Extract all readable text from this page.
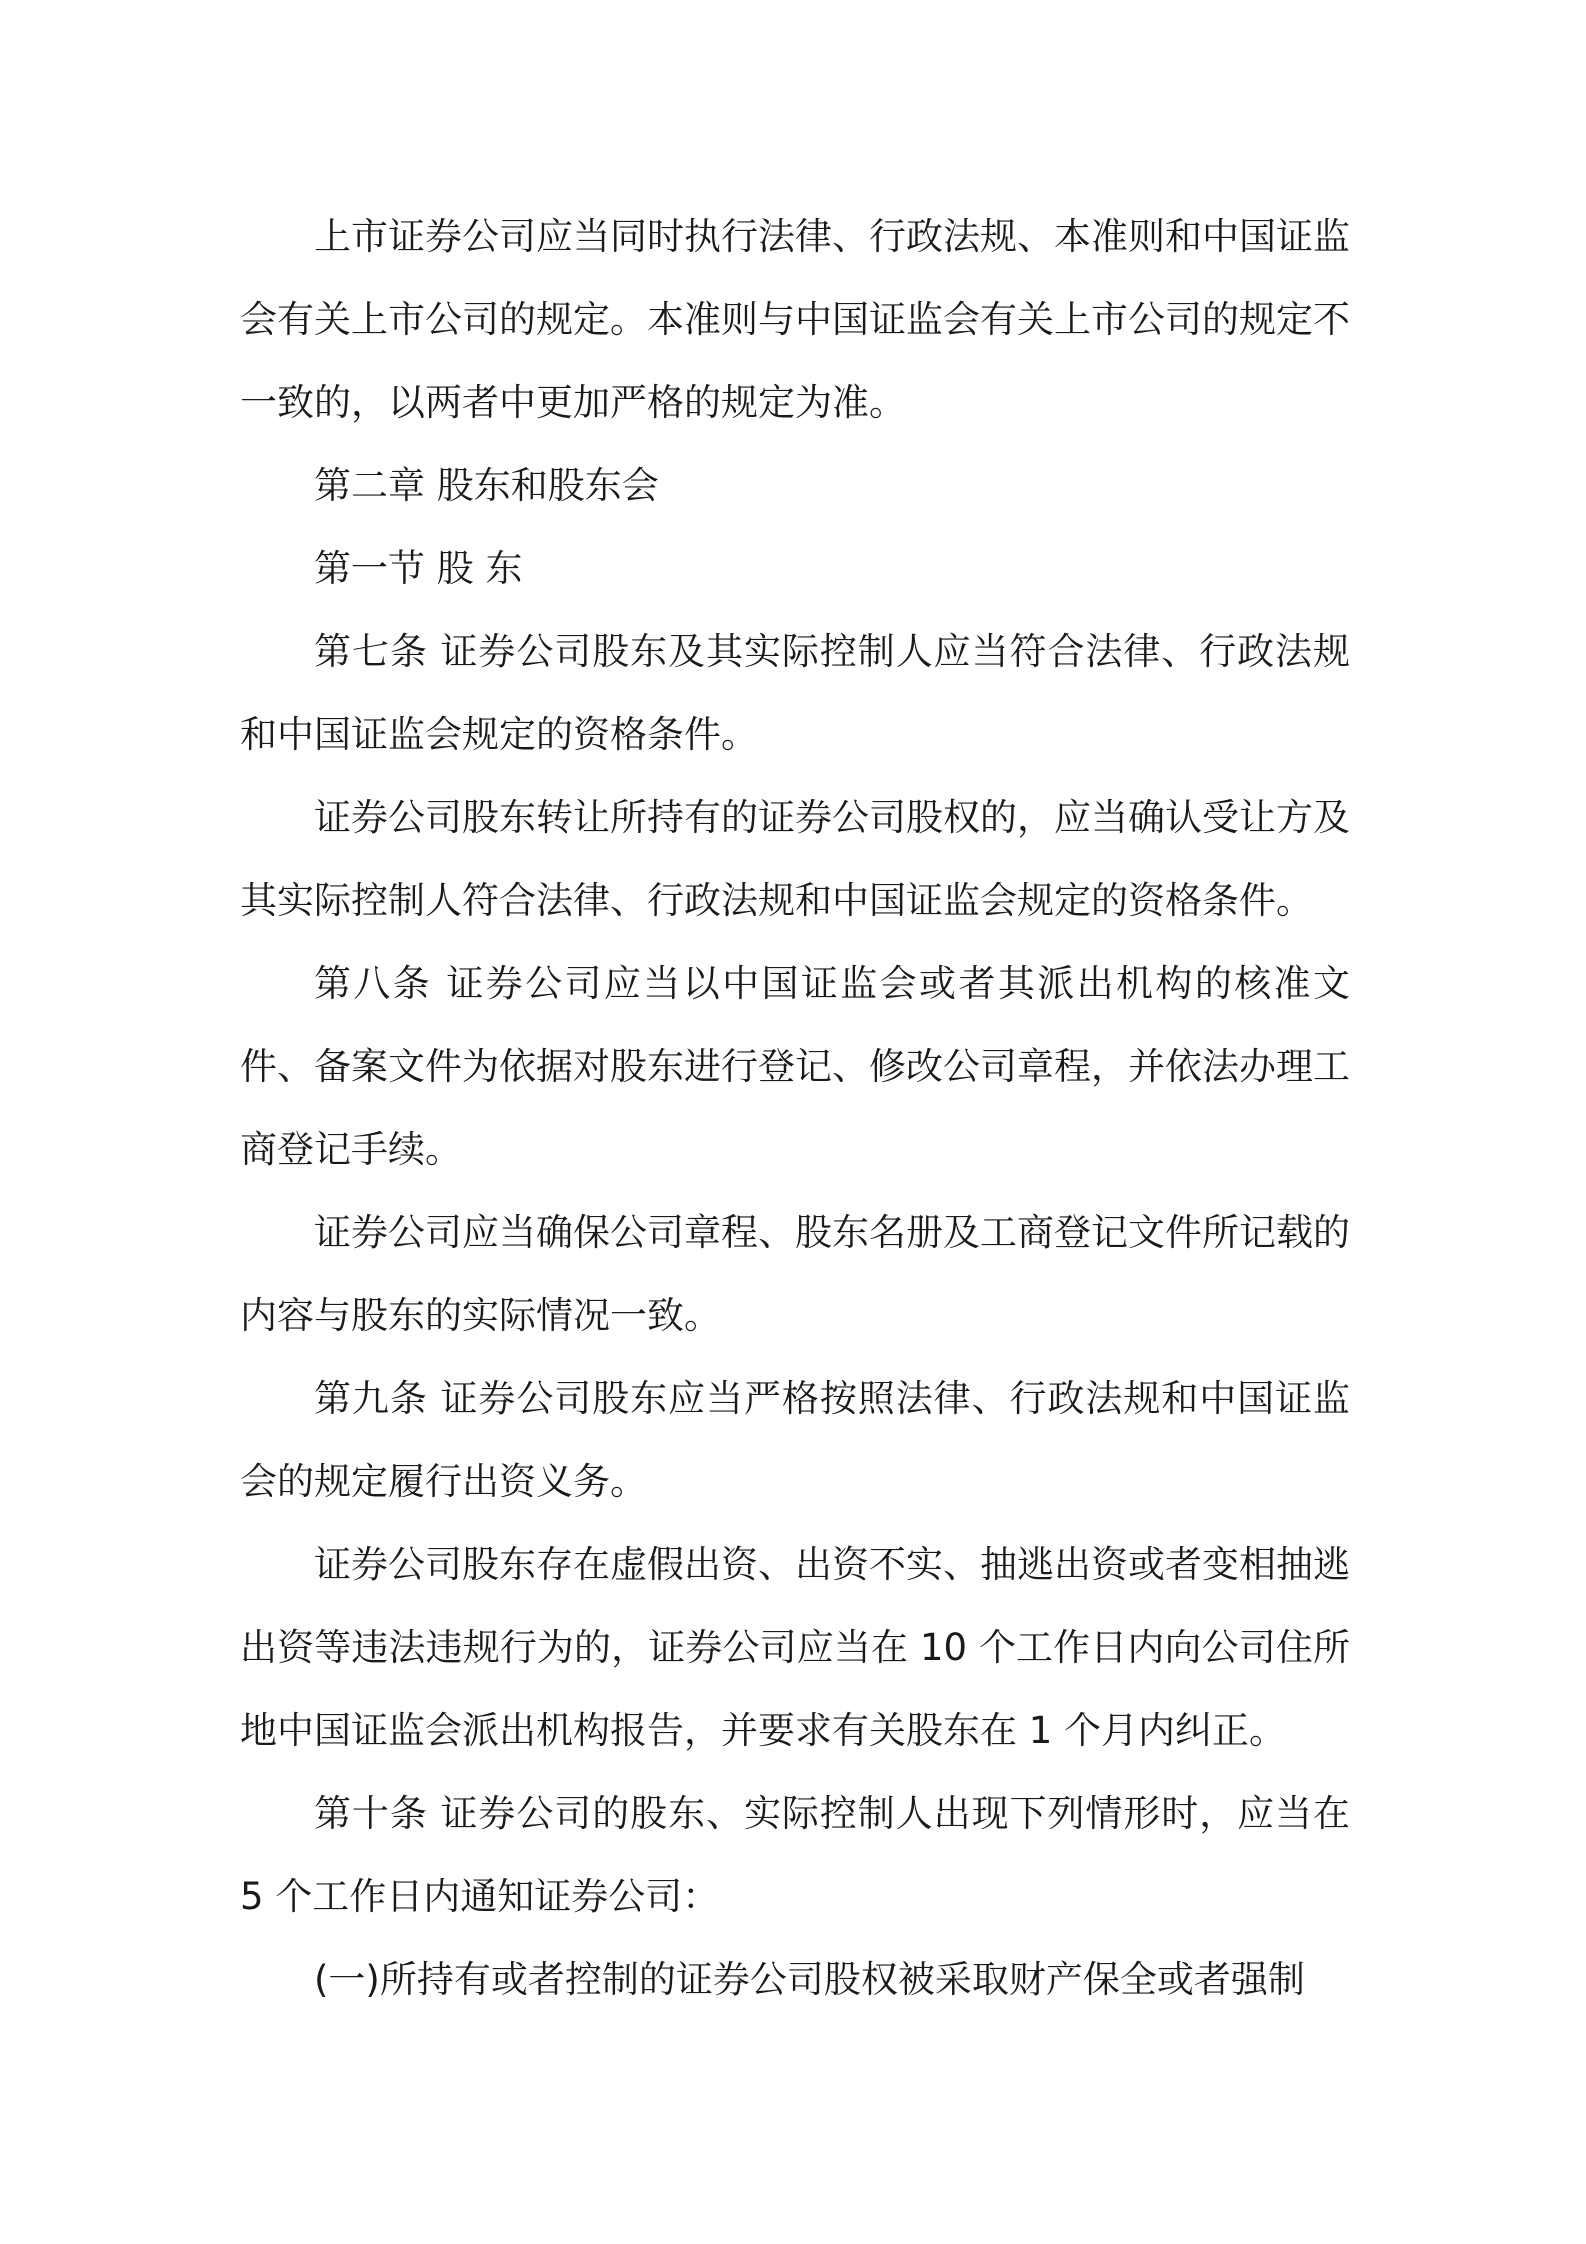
上市证券公司应当同时执行法律、行政法规、本准则和中国证监会有关上市公司的规定。本准则与中国证监会有关上市公司的规定不一致的，以两者中更加严格的规定为准。

第二章 股东和股东会

第一节 股 东

第七条 证券公司股东及其实际控制人应当符合法律、行政法规和中国证监会规定的资格条件。

证券公司股东转让所持有的证券公司股权的，应当确认受让方及其实际控制人符合法律、行政法规和中国证监会规定的资格条件。

第八条 证券公司应当以中国证监会或者其派出机构的核准文件、备案文件为依据对股东进行登记、修改公司章程，并依法办理工商登记手续。

证券公司应当确保公司章程、股东名册及工商登记文件所记载的内容与股东的实际情况一致。

第九条 证券公司股东应当严格按照法律、行政法规和中国证监会的规定履行出资义务。

证券公司股东存在虚假出资、出资不实、抽逃出资或者变相抽逃出资等违法违规行为的，证券公司应当在 10 个工作日内向公司住所地中国证监会派出机构报告，并要求有关股东在 1 个月内纠正。

第十条 证券公司的股东、实际控制人出现下列情形时，应当在 5 个工作日内通知证券公司：

(一)所持有或者控制的证券公司股权被采取财产保全或者强制
